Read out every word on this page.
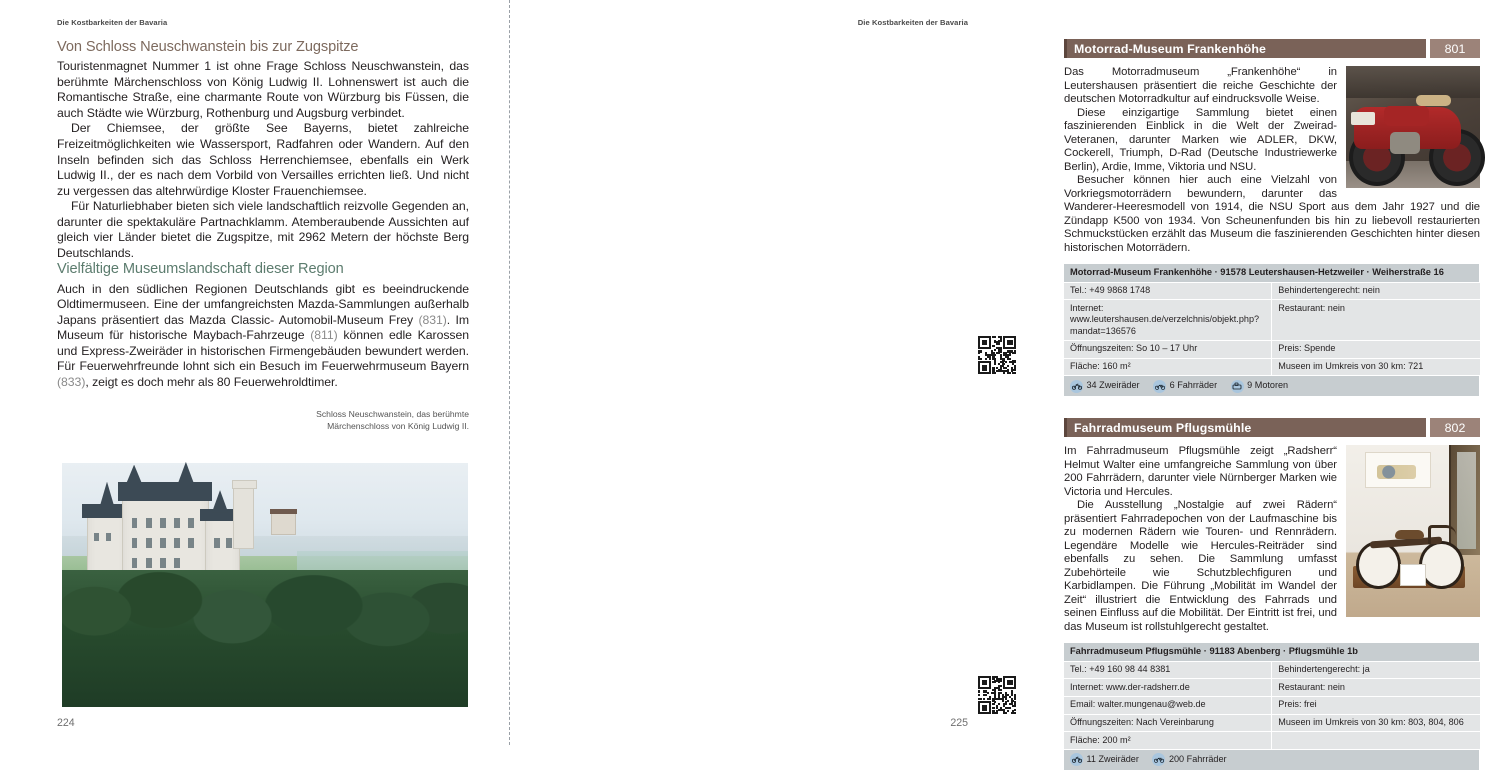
Die Kostbarkeiten der Bavaria
Von Schloss Neuschwanstein bis zur Zugspitze

Touristenmagnet Nummer 1 ist ohne Frage Schloss Neuschwanstein, das berühmte Märchenschloss von König Ludwig II. Lohnenswert ist auch die Romantische Straße, eine charmante Route von Würzburg bis Füssen, die auch Städte wie Würzburg, Rothenburg und Augsburg verbindet.

Der Chiemsee, der größte See Bayerns, bietet zahlreiche Freizeitmöglichkeiten wie Wassersport, Radfahren oder Wandern. Auf den Inseln befinden sich das Schloss Herrenchiemsee, ebenfalls ein Werk Ludwig II., der es nach dem Vorbild von Versailles errichten ließ. Und nicht zu vergessen das altehrwürdige Kloster Frauenchiemsee.

Für Naturliebhaber bieten sich viele landschaftlich reizvolle Gegenden an, darunter die spektakuläre Partnachklamm. Atemberaubende Aussichten auf gleich vier Länder bietet die Zugspitze, mit 2962 Metern der höchste Berg Deutschlands.

Vielfältige Museumslandschaft dieser Region

Auch in den südlichen Regionen Deutschlands gibt es beeindruckende Oldtimermuseen. Eine der umfangreichsten Mazda-Sammlungen außerhalb Japans präsentiert das Mazda Classic- Automobil-Museum Frey (831). Im Museum für historische Maybach-Fahrzeuge (811) können edle Karossen und Express-Zweiräder in historischen Firmengebäuden bewundert werden. Für Feuerwehrfreunde lohnt sich ein Besuch im Feuerwehrmuseum Bayern (833), zeigt es doch mehr als 80 Feuerwehroldtimer.

Schloss Neuschwanstein, das berühmte Märchenschloss von König Ludwig II.
224
Die Kostbarkeiten der Bavaria
Motorrad-Museum Frankenhöhe	801

Das Motorradmuseum „Frankenhöhe“ in Leutershausen präsentiert die reiche Geschichte der deutschen Motorradkultur auf eindrucksvolle Weise.

Diese einzigartige Sammlung bietet einen faszinierenden Einblick in die Welt der Zweirad-Veteranen, darunter Marken wie ADLER, DKW, Cockerell, Triumph, D-Rad (Deutsche Industriewerke Berlin), Ardie, Imme, Viktoria und NSU.

Besucher können hier auch eine Vielzahl von Vorkriegsmotorrädern bewundern, darunter das Wanderer-Heeresmodell von 1914, die NSU Sport aus dem Jahr 1927 und die Zündapp K500 von 1934. Von Scheunenfunden bis hin zu liebevoll restaurierten Schmuckstücken erzählt das Museum die faszinierenden Geschichten hinter diesen historischen Motorrädern.

Motorrad-Museum Frankenhöhe · 91578 Leutershausen-Hetzweiler · Weiherstraße 16	
Tel.: +49 9868 1748	Behindertengerecht: nein
Internet: www.leutershausen.de/verzelchnis/objekt.php?mandat=136576	Restaurant: nein
Öffnungszeiten: So 10 – 17 Uhr	Preis: Spende
Fläche: 160 m²	Museen im Umkreis von 30 km: 721

34 Zweiräder
6 Fahrräder
9 Motoren	
Fahrradmuseum Pflugsmühle	802

Im Fahrradmuseum Pflugsmühle zeigt „Radsherr“ Helmut Walter eine umfangreiche Sammlung von über 200 Fahrrädern, darunter viele Nürnberger Marken wie Victoria und Hercules.

Die Ausstellung „Nostalgie auf zwei Rädern“ präsentiert Fahrradepochen von der Laufmaschine bis zu modernen Rädern wie Touren- und Rennrädern. Legendäre Modelle wie Hercules-Reiträder sind ebenfalls zu sehen. Die Sammlung umfasst Zubehörteile wie Schutzblechfiguren und Karbidlampen. Die Führung „Mobilität im Wandel der Zeit“ illustriert die Entwicklung des Fahrrads und seinen Einfluss auf die Mobilität. Der Eintritt ist frei, und das Museum ist rollstuhlgerecht gestaltet.

Fahrradmuseum Pflugsmühle · 91183 Abenberg · Pflugsmühle 1b	
Tel.: +49 160 98 44 8381	Behindertengerecht: ja
Internet: www.der-radsherr.de	Restaurant: nein
Email: walter.mungenau@web.de	Preis: frei
Öffnungszeiten: Nach Vereinbarung	Museen im Umkreis von 30 km: 803, 804, 806
Fläche: 200 m²	

11 Zweiräder
200 Fahrräder	
225
